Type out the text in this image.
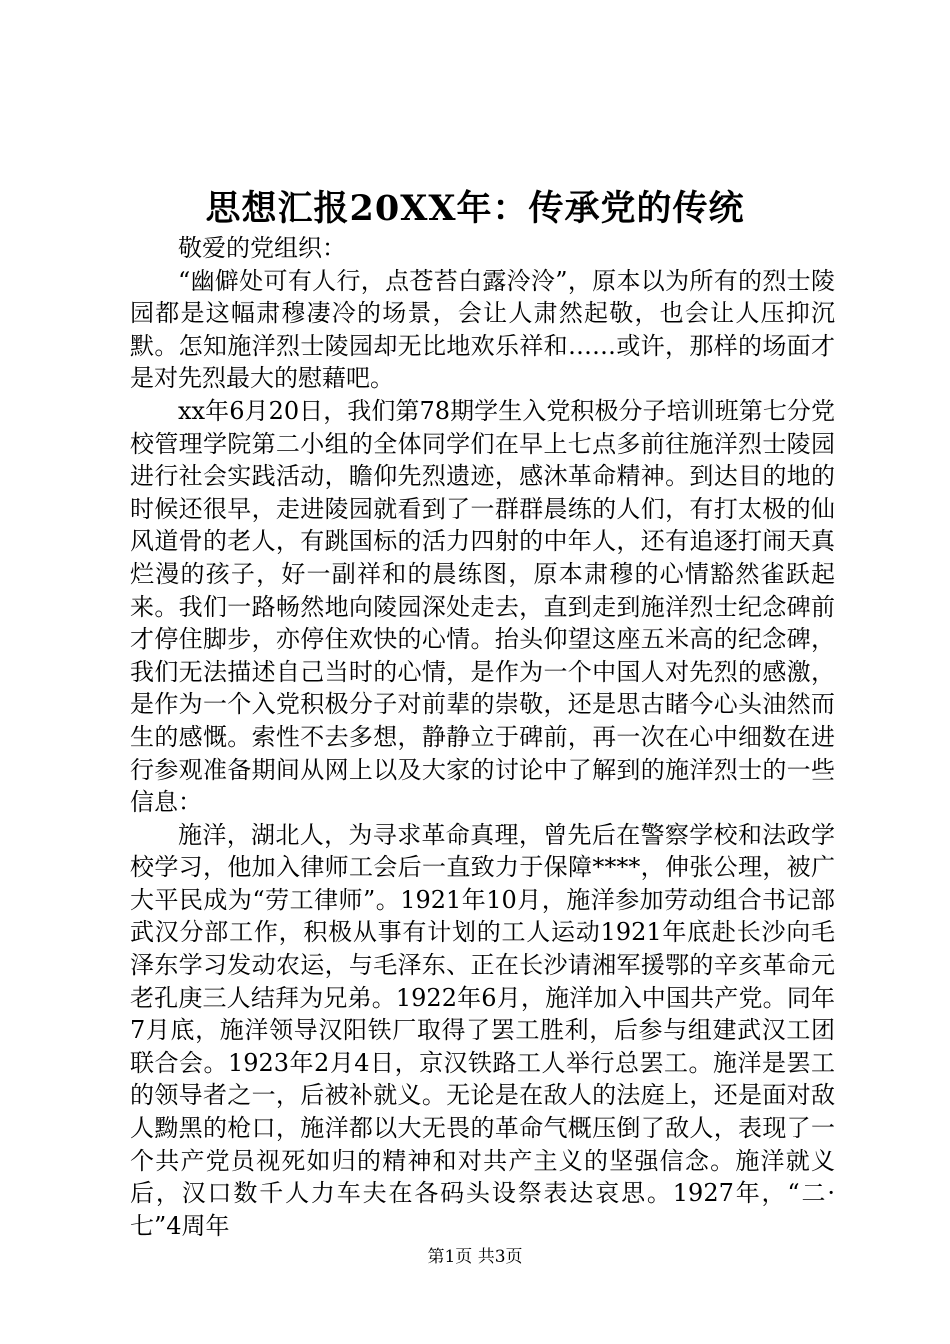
思想汇报20XX年：传承党的传统

敬爱的党组织：

“幽僻处可有人行，点苍苔白露泠泠”，原本以为所有的烈士陵园都是这幅肃穆凄冷的场景，会让人肃然起敬，也会让人压抑沉默。怎知施洋烈士陵园却无比地欢乐祥和……或许，那样的场面才是对先烈最大的慰藉吧。

xx年6月20日，我们第78期学生入党积极分子培训班第七分党校管理学院第二小组的全体同学们在早上七点多前往施洋烈士陵园进行社会实践活动，瞻仰先烈遗迹，感沐革命精神。到达目的地的时候还很早，走进陵园就看到了一群群晨练的人们，有打太极的仙风道骨的老人，有跳国标的活力四射的中年人，还有追逐打闹天真烂漫的孩子，好一副祥和的晨练图，原本肃穆的心情豁然雀跃起来。我们一路畅然地向陵园深处走去，直到走到施洋烈士纪念碑前才停住脚步，亦停住欢快的心情。抬头仰望这座五米高的纪念碑，我们无法描述自己当时的心情，是作为一个中国人对先烈的感激，是作为一个入党积极分子对前辈的崇敬，还是思古睹今心头油然而生的感慨。索性不去多想，静静立于碑前，再一次在心中细数在进行参观准备期间从网上以及大家的讨论中了解到的施洋烈士的一些信息：

施洋，湖北人，为寻求革命真理，曾先后在警察学校和法政学校学习，他加入律师工会后一直致力于保障****，伸张公理，被广大平民成为“劳工律师”。1921年10月，施洋参加劳动组合书记部武汉分部工作，积极从事有计划的工人运动1921年底赴长沙向毛泽东学习发动农运，与毛泽东、正在长沙请湘军援鄂的辛亥革命元老孔庚三人结拜为兄弟。1922年6月，施洋加入中国共产党。同年7月底，施洋领导汉阳铁厂取得了罢工胜利，后参与组建武汉工团联合会。1923年2月4日，京汉铁路工人举行总罢工。施洋是罢工的领导者之一，后被补就义。无论是在敌人的法庭上，还是面对敌人黝黑的枪口，施洋都以大无畏的革命气概压倒了敌人，表现了一个共产党员视死如归的精神和对共产主义的坚强信念。施洋就义后，汉口数千人力车夫在各码头设祭表达哀思。1927年，“二·七”4周年

第1页 共3页
